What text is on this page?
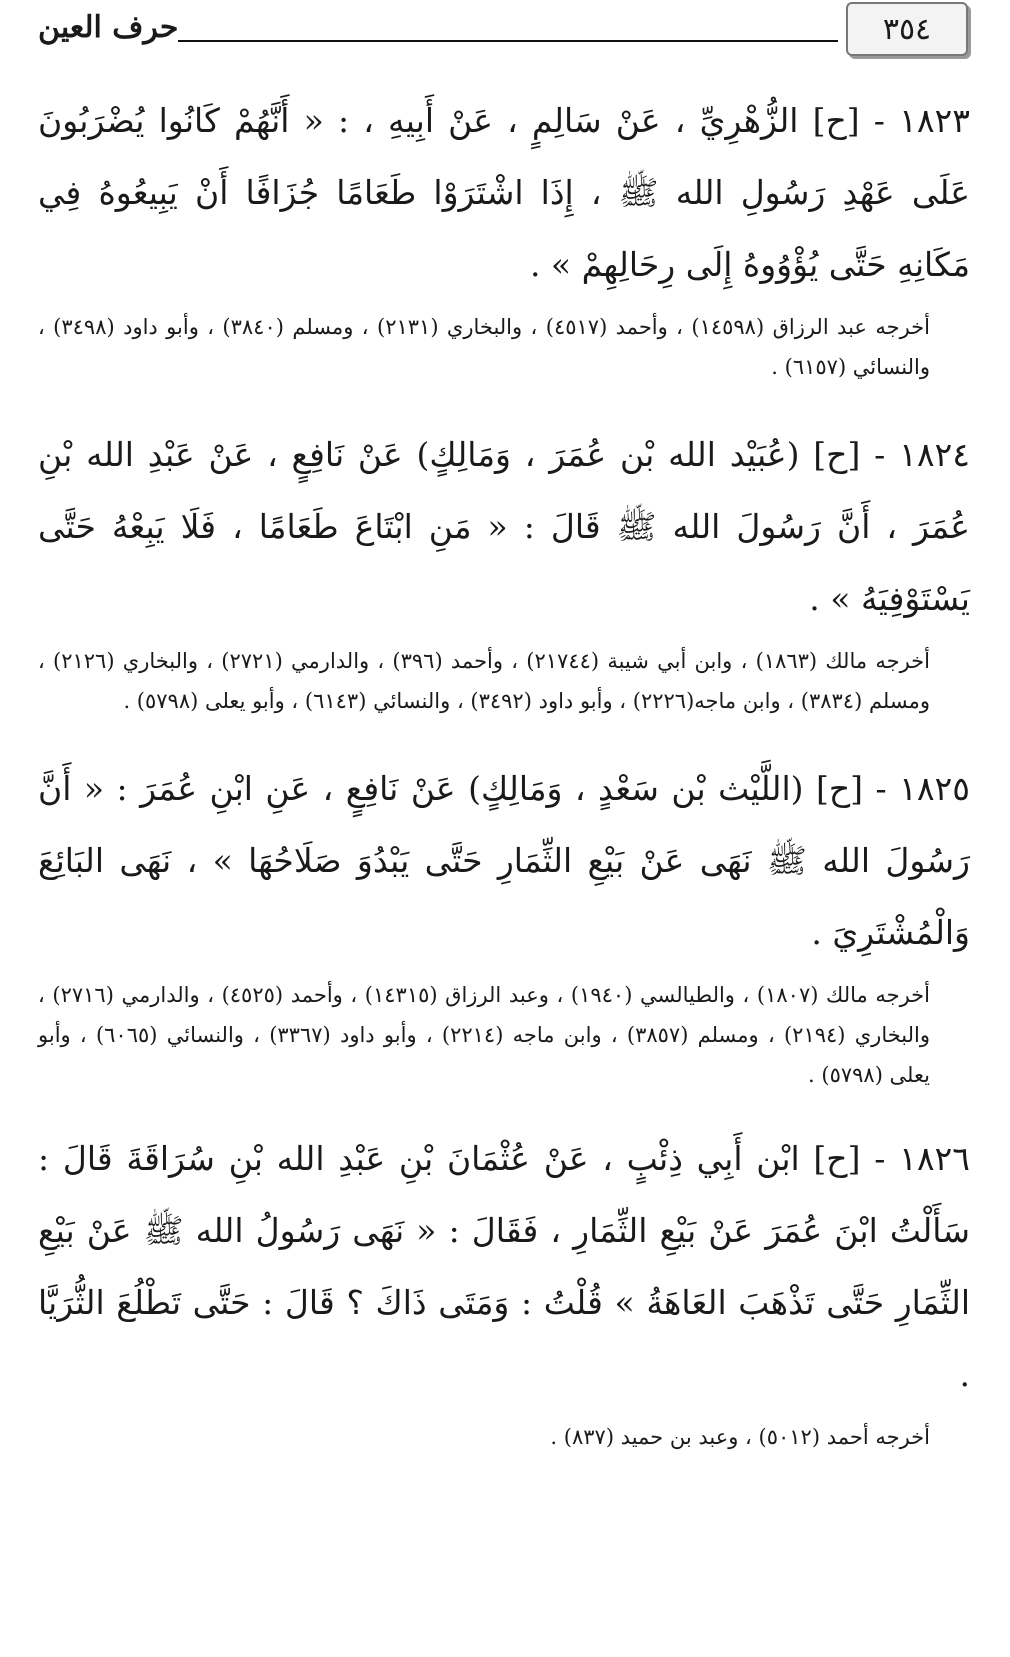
٣٥٤
حرف العين

١٨٢٣ - [ح] الزُّهْرِيِّ ، عَنْ سَالِمٍ ، عَنْ أَبِيهِ ، : « أَنَّهُمْ كَانُوا يُضْرَبُونَ عَلَى عَهْدِ رَسُولِ الله ﷺ ، إِذَا اشْتَرَوْا طَعَامًا جُزَافًا أَنْ يَبِيعُوهُ فِي مَكَانِهِ حَتَّى يُؤْوُوهُ إِلَى رِحَالِهِمْ » .

أخرجه عبد الرزاق (١٤٥٩٨) ، وأحمد (٤٥١٧) ، والبخاري (٢١٣١) ، ومسلم (٣٨٤٠) ، وأبو داود (٣٤٩٨) ، والنسائي (٦١٥٧) .

١٨٢٤ - [ح] (عُبَيْد الله بْن عُمَرَ ، وَمَالِكٍ) عَنْ نَافِعٍ ، عَنْ عَبْدِ الله بْنِ عُمَرَ ، أَنَّ رَسُولَ الله ﷺ قَالَ : « مَنِ ابْتَاعَ طَعَامًا ، فَلَا يَبِعْهُ حَتَّى يَسْتَوْفِيَهُ » .

أخرجه مالك (١٨٦٣) ، وابن أبي شيبة (٢١٧٤٤) ، وأحمد (٣٩٦) ، والدارمي (٢٧٢١) ، والبخاري (٢١٢٦) ، ومسلم (٣٨٣٤) ، وابن ماجه(٢٢٢٦) ، وأبو داود (٣٤٩٢) ، والنسائي (٦١٤٣) ، وأبو يعلى (٥٧٩٨) .

١٨٢٥ - [ح] (اللَّيْث بْن سَعْدٍ ، وَمَالِكٍ) عَنْ نَافِعٍ ، عَنِ ابْنِ عُمَرَ : « أَنَّ رَسُولَ الله ﷺ نَهَى عَنْ بَيْعِ الثِّمَارِ حَتَّى يَبْدُوَ صَلَاحُهَا » ، نَهَى البَائِعَ وَالْمُشْتَرِيَ .

أخرجه مالك (١٨٠٧) ، والطيالسي (١٩٤٠) ، وعبد الرزاق (١٤٣١٥) ، وأحمد (٤٥٢٥) ، والدارمي (٢٧١٦) ، والبخاري (٢١٩٤) ، ومسلم (٣٨٥٧) ، وابن ماجه (٢٢١٤) ، وأبو داود (٣٣٦٧) ، والنسائي (٦٠٦٥) ، وأبو يعلى (٥٧٩٨) .

١٨٢٦ - [ح] ابْن أَبِي ذِئْبٍ ، عَنْ عُثْمَانَ بْنِ عَبْدِ الله بْنِ سُرَاقَةَ قَالَ : سَأَلْتُ ابْنَ عُمَرَ عَنْ بَيْعِ الثِّمَارِ ، فَقَالَ : « نَهَى رَسُولُ الله ﷺ عَنْ بَيْعِ الثِّمَارِ حَتَّى تَذْهَبَ العَاهَةُ » قُلْتُ : وَمَتَى ذَاكَ ؟ قَالَ : حَتَّى تَطْلُعَ الثُّرَيَّا .

أخرجه أحمد (٥٠١٢) ، وعبد بن حميد (٨٣٧) .
